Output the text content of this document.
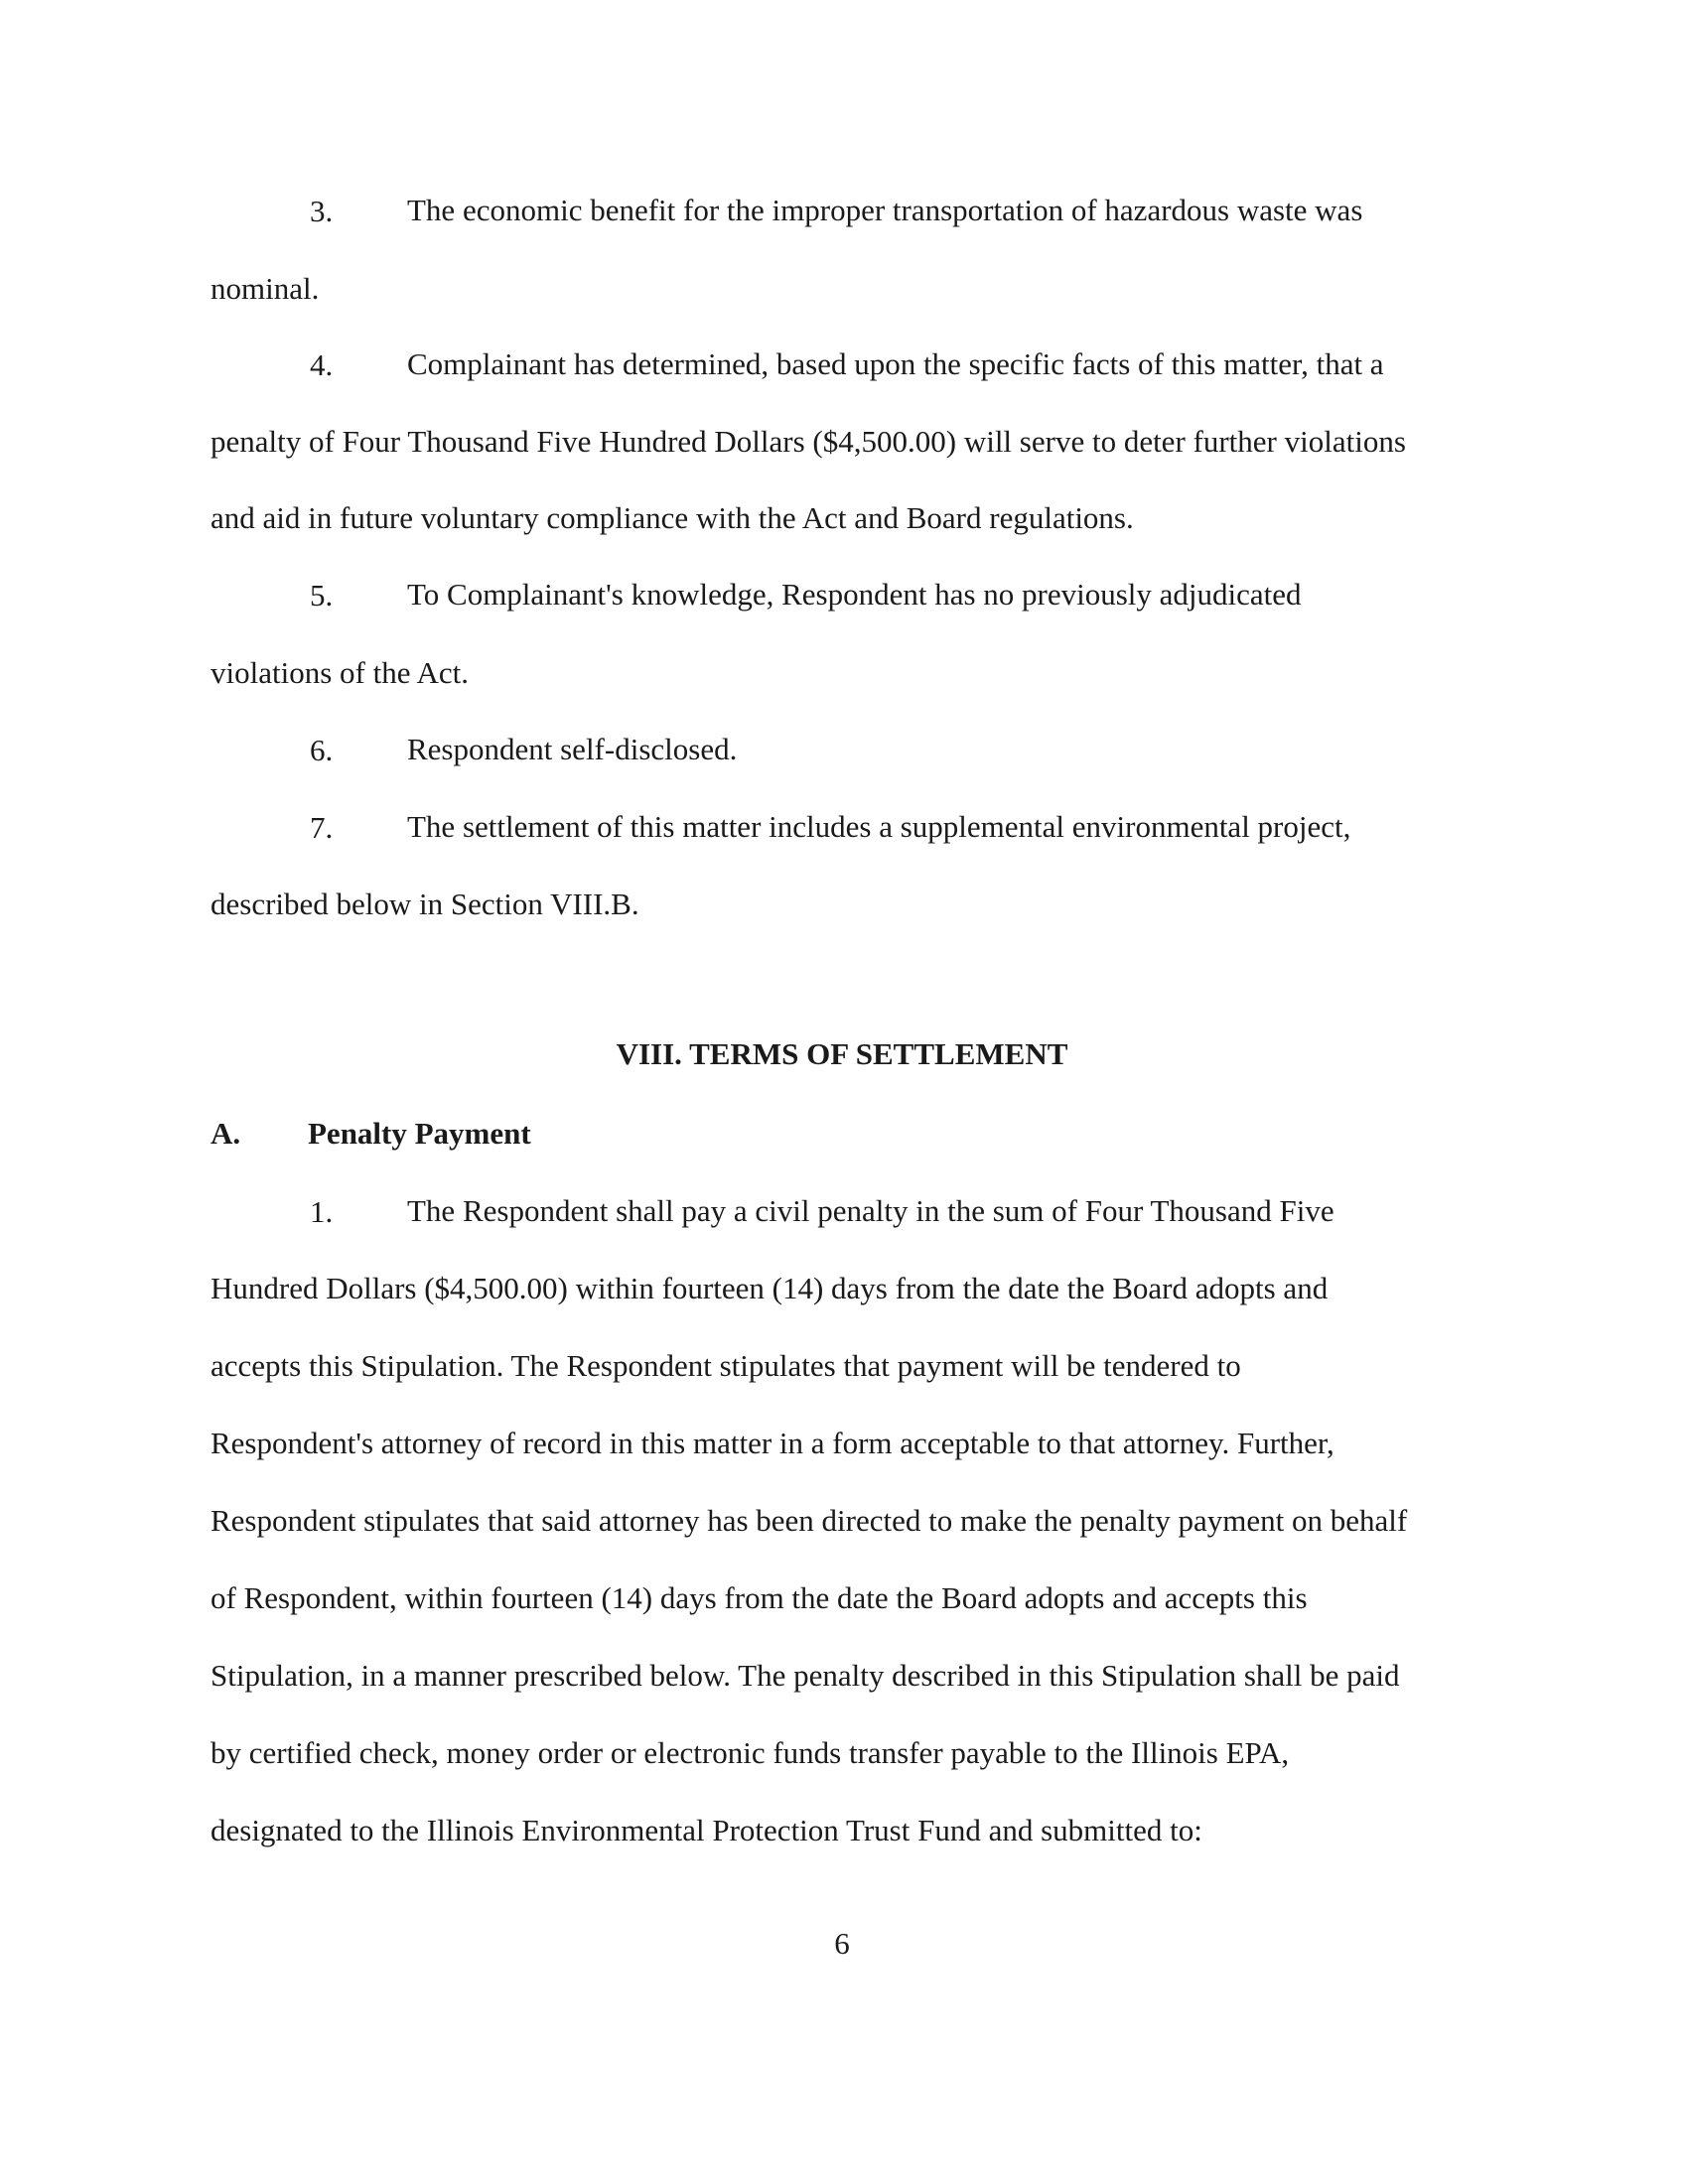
3. The economic benefit for the improper transportation of hazardous waste was
nominal.
4. Complainant has determined, based upon the specific facts of this matter, that a
penalty of Four Thousand Five Hundred Dollars ($4,500.00) will serve to deter further violations
and aid in future voluntary compliance with the Act and Board regulations.
5. To Complainant's knowledge, Respondent has no previously adjudicated
violations of the Act.
6. Respondent self-disclosed.
7. The settlement of this matter includes a supplemental environmental project,
described below in Section VIII.B.
VIII. TERMS OF SETTLEMENT
A. Penalty Payment
1. The Respondent shall pay a civil penalty in the sum of Four Thousand Five
Hundred Dollars ($4,500.00) within fourteen (14) days from the date the Board adopts and
accepts this Stipulation. The Respondent stipulates that payment will be tendered to
Respondent's attorney of record in this matter in a form acceptable to that attorney. Further,
Respondent stipulates that said attorney has been directed to make the penalty payment on behalf
of Respondent, within fourteen (14) days from the date the Board adopts and accepts this
Stipulation, in a manner prescribed below. The penalty described in this Stipulation shall be paid
by certified check, money order or electronic funds transfer payable to the Illinois EPA,
designated to the Illinois Environmental Protection Trust Fund and submitted to:
6
